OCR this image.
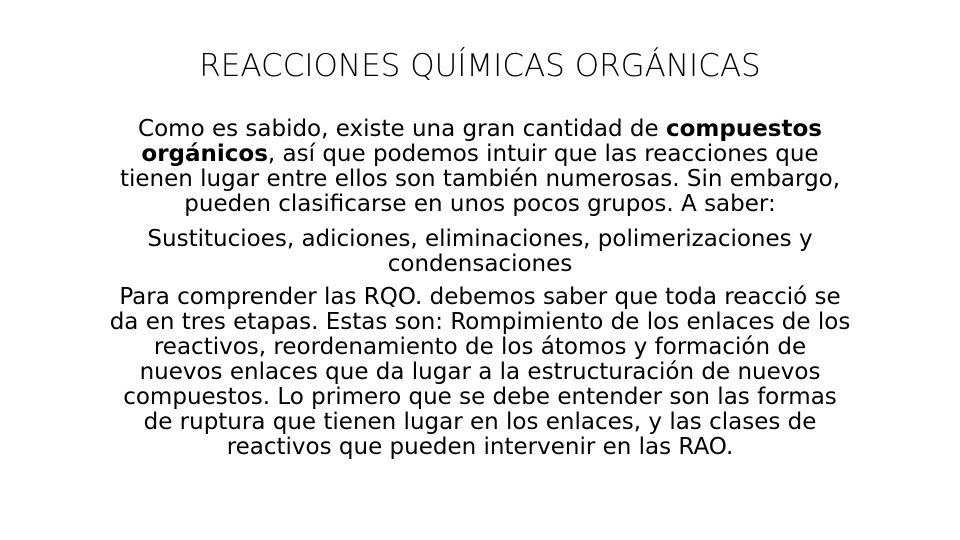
REACCIONES QUÍMICAS ORGÁNICAS
Como es sabido, existe una gran cantidad de compuestos
orgánicos, así que podemos intuir que las reacciones que
tienen lugar entre ellos son también numerosas. Sin embargo,
pueden clasificarse en unos pocos grupos. A saber:
Sustitucioes, adiciones, eliminaciones, polimerizaciones y
condensaciones
Para comprender las RQO. debemos saber que toda reacció se
da en tres etapas. Estas son: Rompimiento de los enlaces de los
reactivos, reordenamiento de los átomos y formación de
nuevos enlaces que da lugar a la estructuración de nuevos
compuestos. Lo primero que se debe entender son las formas
de ruptura que tienen lugar en los enlaces, y las clases de
reactivos que pueden intervenir en las RAO.
